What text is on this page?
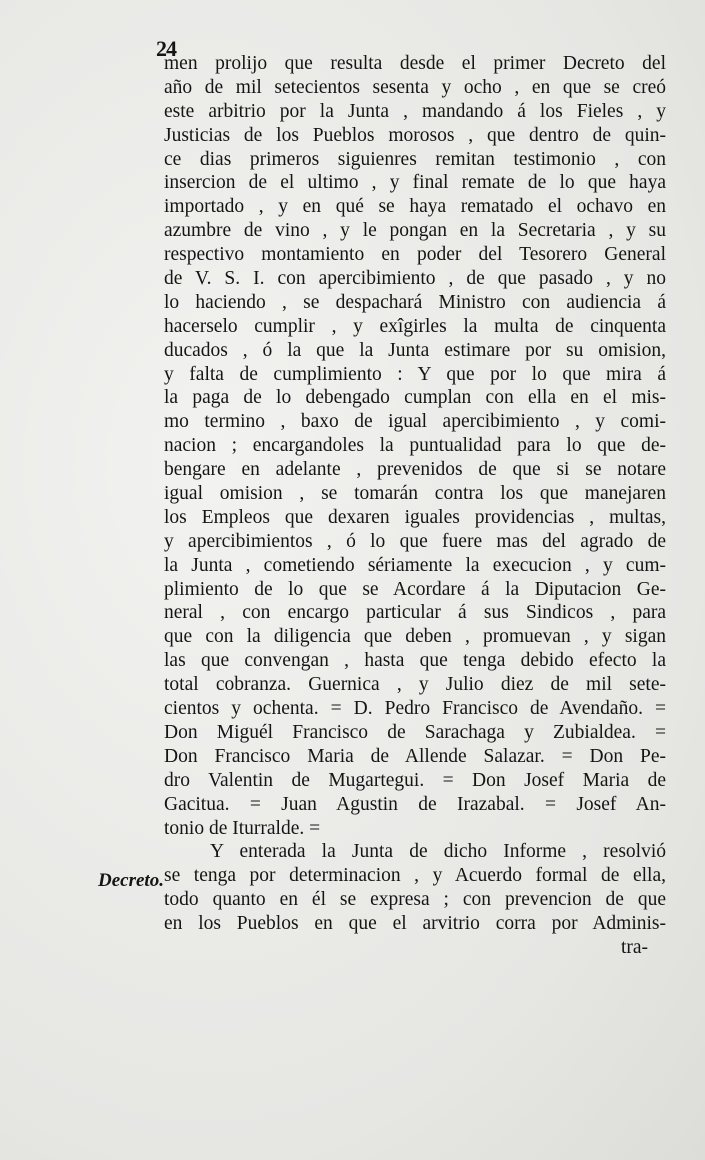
24
Decreto.
men prolijo que resulta desde el primer Decreto del
año de mil setecientos sesenta y ocho , en que se creó
este arbitrio por la Junta , mandando á los Fieles , y
Justicias de los Pueblos morosos , que dentro de quin-
ce dias primeros siguienres remitan testimonio , con
insercion de el ultimo , y final remate de lo que haya
importado , y en qué se haya rematado el ochavo en
azumbre de vino , y le pongan en la Secretaria , y su
respectivo montamiento en poder del Tesorero General
de V. S. I. con apercibimiento , de que pasado , y no
lo haciendo , se despachará Ministro con audiencia á
hacerselo cumplir , y exîgirles la multa de cinquenta
ducados , ó la que la Junta estimare por su omision,
y falta de cumplimiento : Y que por lo que mira á
la paga de lo debengado cumplan con ella en el mis-
mo termino , baxo de igual apercibimiento , y comi-
nacion ; encargandoles la puntualidad para lo que de-
bengare en adelante , prevenidos de que si se notare
igual omision , se tomarán contra los que manejaren
los Empleos que dexaren iguales providencias , multas,
y apercibimientos , ó lo que fuere mas del agrado de
la Junta , cometiendo sériamente la execucion , y cum-
plimiento de lo que se Acordare á la Diputacion Ge-
neral , con encargo particular á sus Sindicos , para
que con la diligencia que deben , promuevan , y sigan
las que convengan , hasta que tenga debido efecto la
total cobranza. Guernica , y Julio diez de mil sete-
cientos y ochenta. = D. Pedro Francisco de Avendaño. =
Don Miguél Francisco de Sarachaga y Zubialdea. =
Don Francisco Maria de Allende Salazar. = Don Pe-
dro Valentin de Mugartegui. = Don Josef Maria de
Gacitua. = Juan Agustin de Irazabal. = Josef An-
tonio de Iturralde. =
Y enterada la Junta de dicho Informe , resolvió
se tenga por determinacion , y Acuerdo formal de ella,
todo quanto en él se expresa ; con prevencion de que
en los Pueblos en que el arvitrio corra por Adminis-
tra-
